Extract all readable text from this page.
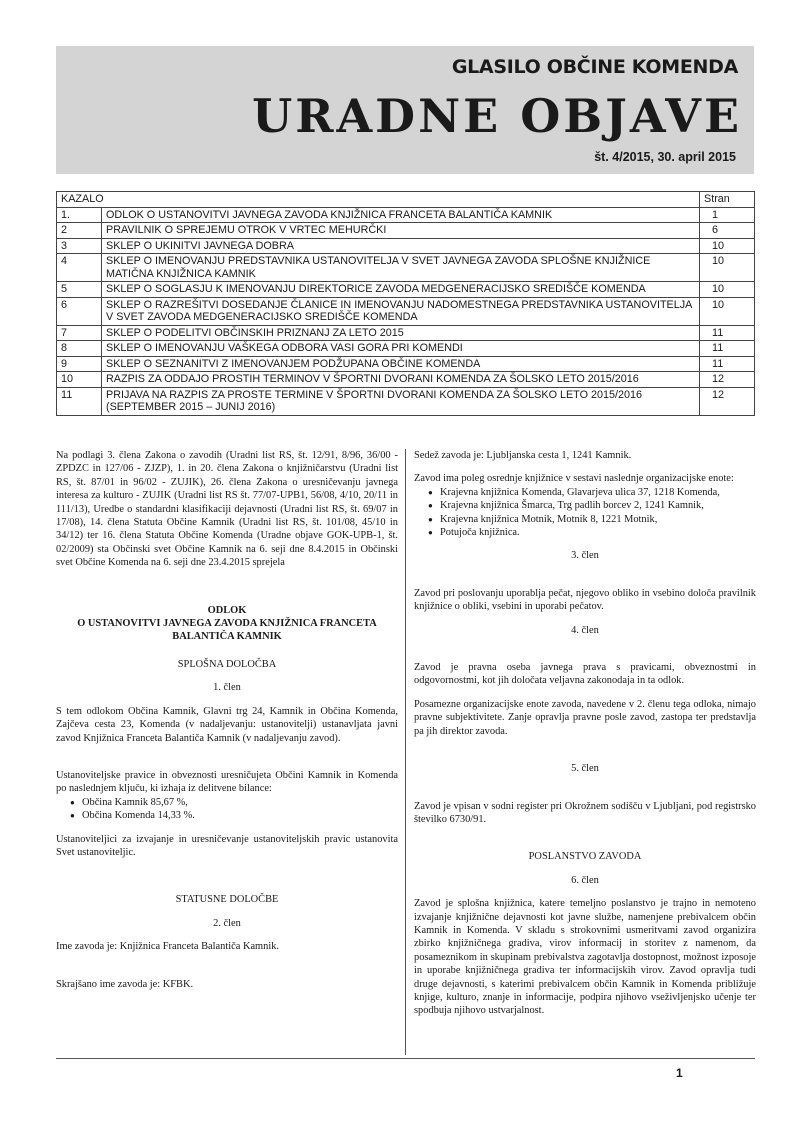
GLASILO OBČINE KOMENDA
URADNE OBJAVE
št. 4/2015, 30. april 2015
KAZALO		Stran
1.	ODLOK O USTANOVITVI JAVNEGA ZAVODA KNJIŽNICA FRANCETA BALANTIČA KAMNIK	1
2	PRAVILNIK O SPREJEMU OTROK V VRTEC MEHURČKI	6
3	SKLEP O UKINITVI JAVNEGA DOBRA	10
4	SKLEP O IMENOVANJU PREDSTAVNIKA USTANOVITELJA V SVET JAVNEGA ZAVODA SPLOŠNE KNJIŽNICE MATIČNA KNJIŽNICA KAMNIK	10
5	SKLEP O SOGLASJU K IMENOVANJU DIREKTORICE ZAVODA MEDGENERACIJSKO SREDIŠČE KOMENDA	10
6	SKLEP O RAZREŠITVI DOSEDANJE ČLANICE IN IMENOVANJU NADOMESTNEGA PREDSTAVNIKA USTANOVITELJA V SVET ZAVODA MEDGENERACIJSKO SREDIŠČE KOMENDA	10
7	SKLEP O PODELITVI OBČINSKIH PRIZNANJ ZA LETO 2015	11
8	SKLEP O IMENOVANJU VAŠKEGA ODBORA VASI GORA PRI KOMENDI	11
9	SKLEP O SEZNANITVI Z IMENOVANJEM PODŽUPANA OBČINE KOMENDA	11
10	RAZPIS ZA ODDAJO PROSTIH TERMINOV V ŠPORTNI DVORANI KOMENDA ZA ŠOLSKO LETO 2015/2016	12
11	PRIJAVA NA RAZPIS ZA PROSTE TERMINE V ŠPORTNI DVORANI KOMENDA ZA ŠOLSKO LETO 2015/2016 (SEPTEMBER 2015 – JUNIJ 2016)	12

Na podlagi 3. člena Zakona o zavodih (Uradni list RS, št. 12/91, 8/96, 36/00 - ZPDZC in 127/06 - ZJZP), 1. in 20. člena Zakona o knjižničarstvu (Uradni list RS, št. 87/01 in 96/02 - ZUJIK), 26. člena Zakona o uresničevanju javnega interesa za kulturo - ZUJIK (Uradni list RS št. 77/07-UPB1, 56/08, 4/10, 20/11 in 111/13), Uredbe o standardni klasifikaciji dejavnosti (Uradni list RS, št. 69/07 in 17/08), 14. člena Statuta Občine Kamnik (Uradni list RS, št. 101/08, 45/10 in 34/12) ter 16. člena Statuta Občine Komenda (Uradne objave GOK-UPB-1, št. 02/2009) sta Občinski svet Občine Kamnik na 6. seji dne 8.4.2015 in Občinski svet Občine Komenda na 6. seji dne 23.4.2015 sprejela

ODLOK
O USTANOVITVI JAVNEGA ZAVODA KNJIŽNICA FRANCETA BALANTIČA KAMNIK

SPLOŠNA DOLOČBA

1. člen

S tem odlokom Občina Kamnik, Glavni trg 24, Kamnik in Občina Komenda, Zajčeva cesta 23, Komenda (v nadaljevanju: ustanovitelji) ustanavljata javni zavod Knjižnica Franceta Balantiča Kamnik (v nadaljevanju zavod).

Ustanoviteljske pravice in obveznosti uresničujeta Občini Kamnik in Komenda po naslednjem ključu, ki izhaja iz delitvene bilance:

● Občina Kamnik 85,67 %,
● Občina Komenda 14,33 %.

Ustanoviteljici za izvajanje in uresničevanje ustanoviteljskih pravic ustanovita Svet ustanoviteljic.

STATUSNE DOLOČBE

2. člen

Ime zavoda je: Knjižnica Franceta Balantiča Kamnik.

Skrajšano ime zavoda je: KFBK.

Sedež zavoda je: Ljubljanska cesta 1, 1241 Kamnik.

Zavod ima poleg osrednje knjižnice v sestavi naslednje organizacijske enote:

● Krajevna knjižnica Komenda, Glavarjeva ulica 37, 1218 Komenda,
● Krajevna knjižnica Šmarca, Trg padlih borcev 2, 1241 Kamnik,
● Krajevna knjižnica Motnik, Motnik 8, 1221 Motnik,
● Potujoča knjižnica.

3. člen

Zavod pri poslovanju uporablja pečat, njegovo obliko in vsebino določa pravilnik knjižnice o obliki, vsebini in uporabi pečatov.

4. člen

Zavod je pravna oseba javnega prava s pravicami, obveznostmi in odgovornostmi, kot jih določata veljavna zakonodaja in ta odlok.

Posamezne organizacijske enote zavoda, navedene v 2. členu tega odloka, nimajo pravne subjektivitete. Zanje opravlja pravne posle zavod, zastopa ter predstavlja pa jih direktor zavoda.

5. člen

Zavod je vpisan v sodni register pri Okrožnem sodišču v Ljubljani, pod registrsko številko 6730/91.

POSLANSTVO ZAVODA

6. člen

Zavod je splošna knjižnica, katere temeljno poslanstvo je trajno in nemoteno izvajanje knjižnične dejavnosti kot javne službe, namenjene prebivalcem občin Kamnik in Komenda. V skladu s strokovnimi usmeritvami zavod organizira zbirko knjižničnega gradiva, virov informacij in storitev z namenom, da posameznikom in skupinam prebivalstva zagotavlja dostopnost, možnost izposoje in uporabe knjižničnega gradiva ter informacijskih virov. Zavod opravlja tudi druge dejavnosti, s katerimi prebivalcem občin Kamnik in Komenda približuje knjige, kulturo, znanje in informacije, podpira njihovo vseživljenjsko učenje ter spodbuja njihovo ustvarjalnost.

1
